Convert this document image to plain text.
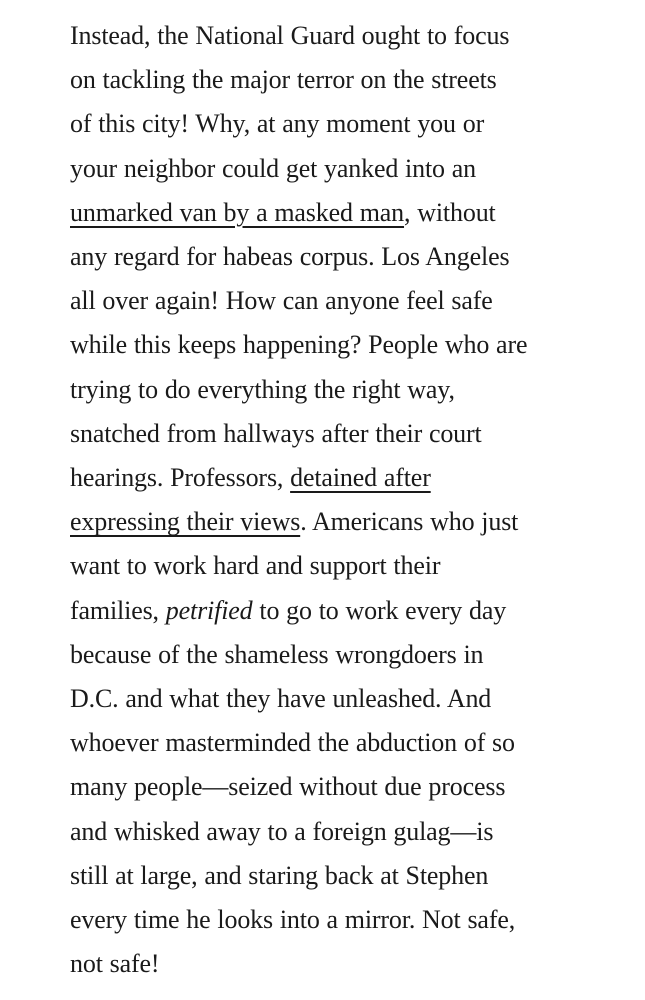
Instead, the National Guard ought to focus
on tackling the major terror on the streets
of this city! Why, at any moment you or
your neighbor could get yanked into an
unmarked van by a masked man, without
any regard for habeas corpus. Los Angeles
all over again! How can anyone feel safe
while this keeps happening? People who are
trying to do everything the right way,
snatched from hallways after their court
hearings. Professors, detained after
expressing their views. Americans who just
want to work hard and support their
families, petrified to go to work every day
because of the shameless wrongdoers in
D.C. and what they have unleashed. And
whoever masterminded the abduction of so
many people—seized without due process
and whisked away to a foreign gulag—is
still at large, and staring back at Stephen
every time he looks into a mirror. Not safe,
not safe!
